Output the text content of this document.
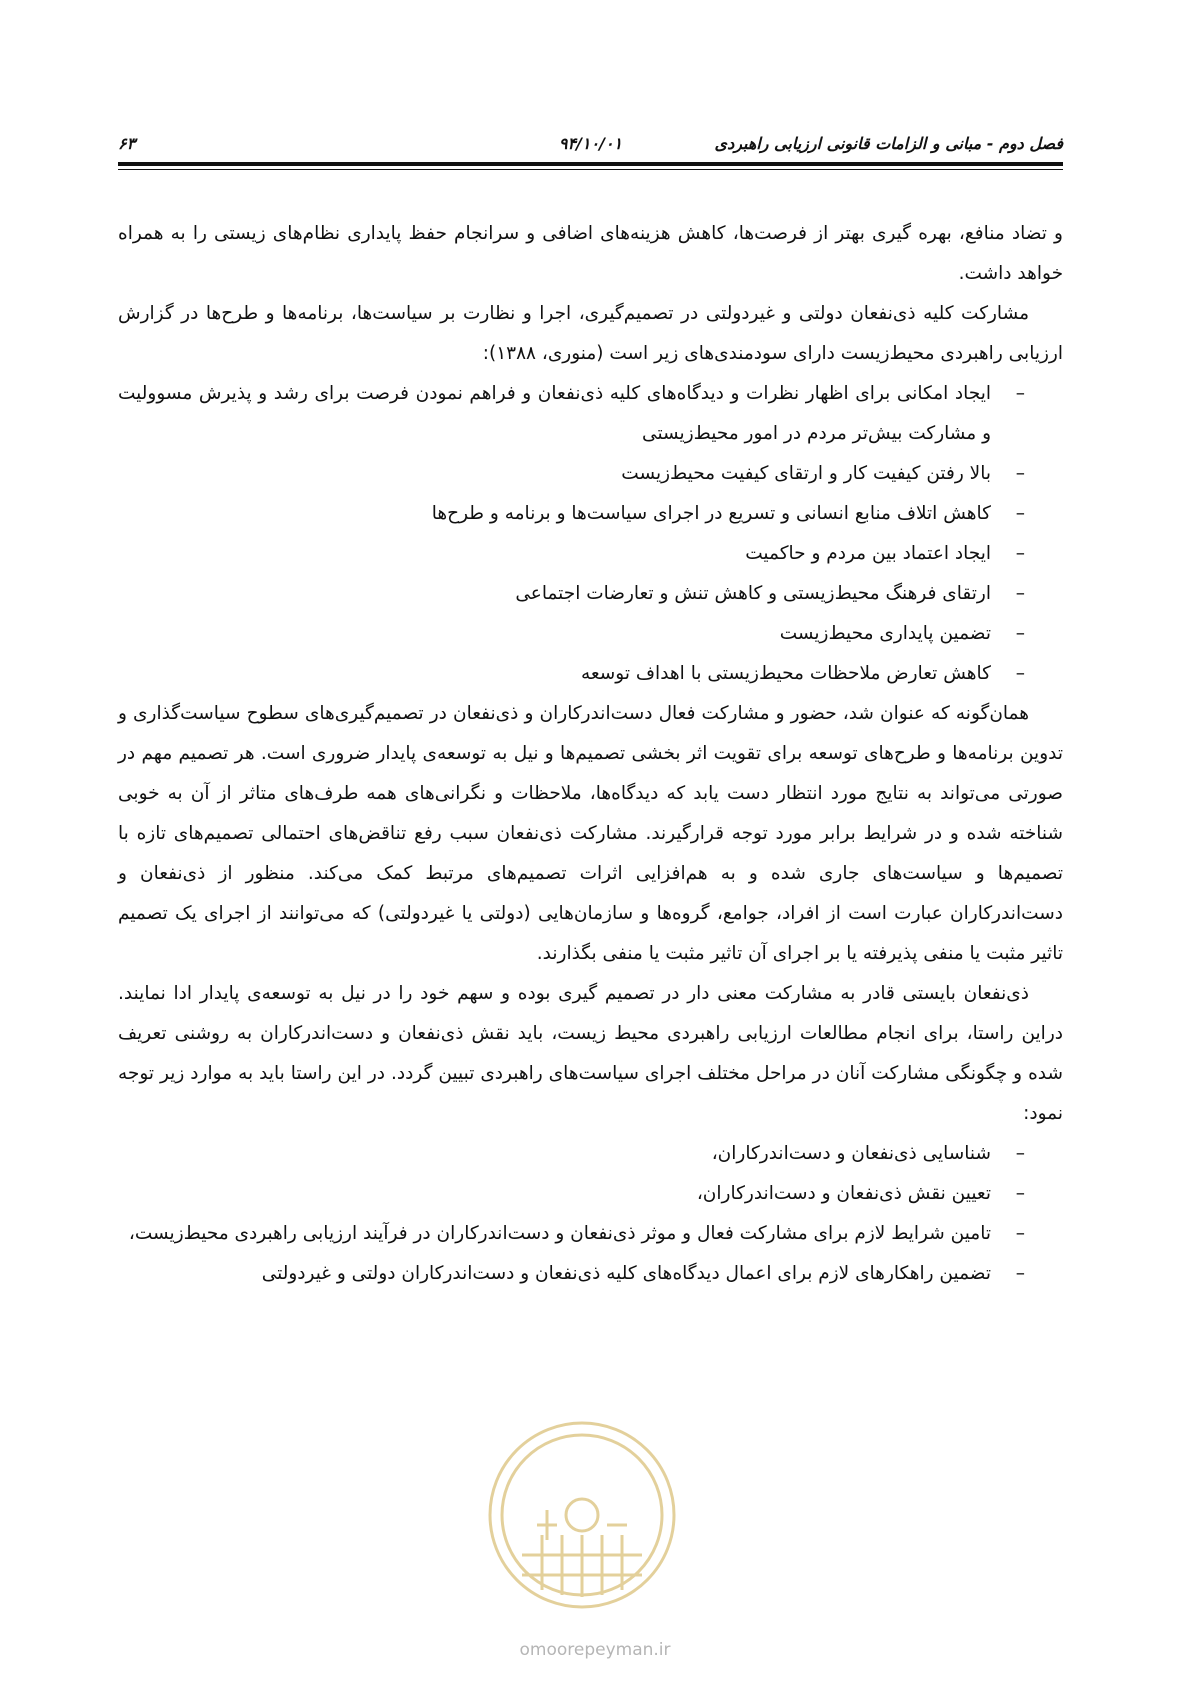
فصل دوم - مبانی و الزامات قانونی ارزیابی راهبردی
۹۴/۱۰/۰۱
۶۳

و تضاد منافع، بهره گیری بهتر از فرصت‌ها، کاهش هزینه‌های اضافی و سرانجام حفظ پایداری نظام‌های زیستی را به همراه خواهد داشت.

مشارکت کلیه ذی‌نفعان دولتی و غیردولتی در تصمیم‌گیری، اجرا و نظارت بر سیاست‌ها، برنامه‌ها و طرح‌ها در گزارش ارزیابی راهبردی محیط‌زیست دارای سودمندی‌های زیر است (منوری، ۱۳۸۸):

–
ایجاد امکانی برای اظهار نظرات و دیدگاه‌های کلیه ذی‌نفعان و فراهم نمودن فرصت برای رشد و پذیرش مسوولیت و مشارکت بیش‌تر مردم در امور محیط‌زیستی
–
بالا رفتن کیفیت کار و ارتقای کیفیت محیط‌زیست
–
کاهش اتلاف منابع انسانی و تسریع در اجرای سیاست‌ها و برنامه و طرح‌ها
–
ایجاد اعتماد بین مردم و حاکمیت
–
ارتقای فرهنگ محیط‌زیستی و کاهش تنش و تعارضات اجتماعی
–
تضمین پایداری محیط‌زیست
–
کاهش تعارض ملاحظات محیط‌زیستی با اهداف توسعه

همان‌گونه که عنوان شد، حضور و مشارکت فعال دست‌اندرکاران و ذی‌نفعان در تصمیم‌گیری‌های سطوح سیاست‌گذاری و تدوین برنامه‌ها و طرح‌های توسعه برای تقویت اثر بخشی تصمیم‌ها و نیل به توسعه‌ی پایدار ضروری است. هر تصمیم مهم در صورتی می‌تواند به نتایج مورد انتظار دست یابد که دیدگاه‌ها، ملاحظات و نگرانی‌های همه طرف‌های متاثر از آن به خوبی شناخته شده و در شرایط برابر مورد توجه قرارگیرند. مشارکت ذی‌نفعان سبب رفع تناقض‌های احتمالی تصمیم‌های تازه با تصمیم‌ها و سیاست‌های جاری شده و به هم‌افزایی اثرات تصمیم‌های مرتبط کمک می‌کند. منظور از ذی‌نفعان و دست‌اندرکاران عبارت است از افراد، جوامع، گروه‌ها و سازمان‌هایی (دولتی یا غیردولتی) که می‌توانند از اجرای یک تصمیم تاثیر مثبت یا منفی پذیرفته یا بر اجرای آن تاثیر مثبت یا منفی بگذارند.

ذی‌نفعان بایستی قادر به مشارکت معنی دار در تصمیم گیری بوده و سهم خود را در نیل به توسعه‌ی پایدار ادا نمایند. دراین راستا، برای انجام مطالعات ارزیابی راهبردی محیط زیست، باید نقش ذی‌نفعان و دست‌اندرکاران به روشنی تعریف شده و چگونگی مشارکت آنان در مراحل مختلف اجرای سیاست‌های راهبردی تبیین گردد. در این راستا باید به موارد زیر توجه نمود:

–
شناسایی ذی‌نفعان و دست‌اندرکاران،
–
تعیین نقش ذی‌نفعان و دست‌اندرکاران،
–
تامین شرایط لازم برای مشارکت فعال و موثر ذی‌نفعان و دست‌اندرکاران در فرآیند ارزیابی راهبردی محیط‌زیست،
–
تضمین راهکارهای لازم برای اعمال دیدگاه‌های کلیه ذی‌نفعان و دست‌اندرکاران دولتی و غیردولتی
omoorepeyman.ir
